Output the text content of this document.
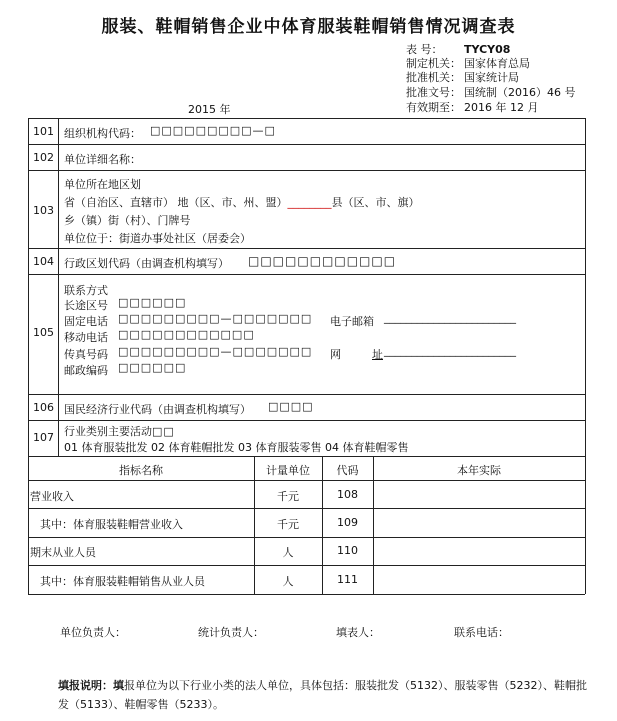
服装、鞋帽销售企业中体育服装鞋帽销售情况调查表
表 号： TYCY08
制定机关： 国家体育总局
批准机关： 国家统计局
批准文号： 国统制（2016）46 号
有效期至： 2016 年 12 月
2015 年
101 组织机构代码： □□□□□□□□□—□
102 单位详细名称：
103
单位所在地区划
省（自治区、直辖市） 地（区、市、州、盟）________县（区、市、旗）
乡（镇）街（村）、门牌号
单位位于：街道办事处社区（居委会）
104 行政区划代码（由调查机构填写） □□□□□□□□□□□□
105
联系方式
长途区号 □□□□□□
固定电话 □□□□□□□□□—□□□□□□□ 电子邮箱 ________________________
移动电话 □□□□□□□□□□□□
传真号码 □□□□□□□□□—□□□□□□□ 网	址 ________________________
邮政编码 □□□□□□
106 国民经济行业代码（由调查机构填写） □□□□
107 行业类别主要活动□□
01 体育服装批发 02 体育鞋帽批发 03 体育服装零售 04 体育鞋帽零售
指标名称	计量单位	代码	本年实际
营业收入	千元	108
其中：体育服装鞋帽营业收入	千元	109
期末从业人员	人	110
其中：体育服装鞋帽销售从业人员	人	111
单位负责人：	统计负责人：	填表人：	联系电话：
填报说明：填报单位为以下行业小类的法人单位，具体包括：服装批发（5132）、服装零售（5232）、鞋帽批发（5133）、鞋帽零售（5233）。
